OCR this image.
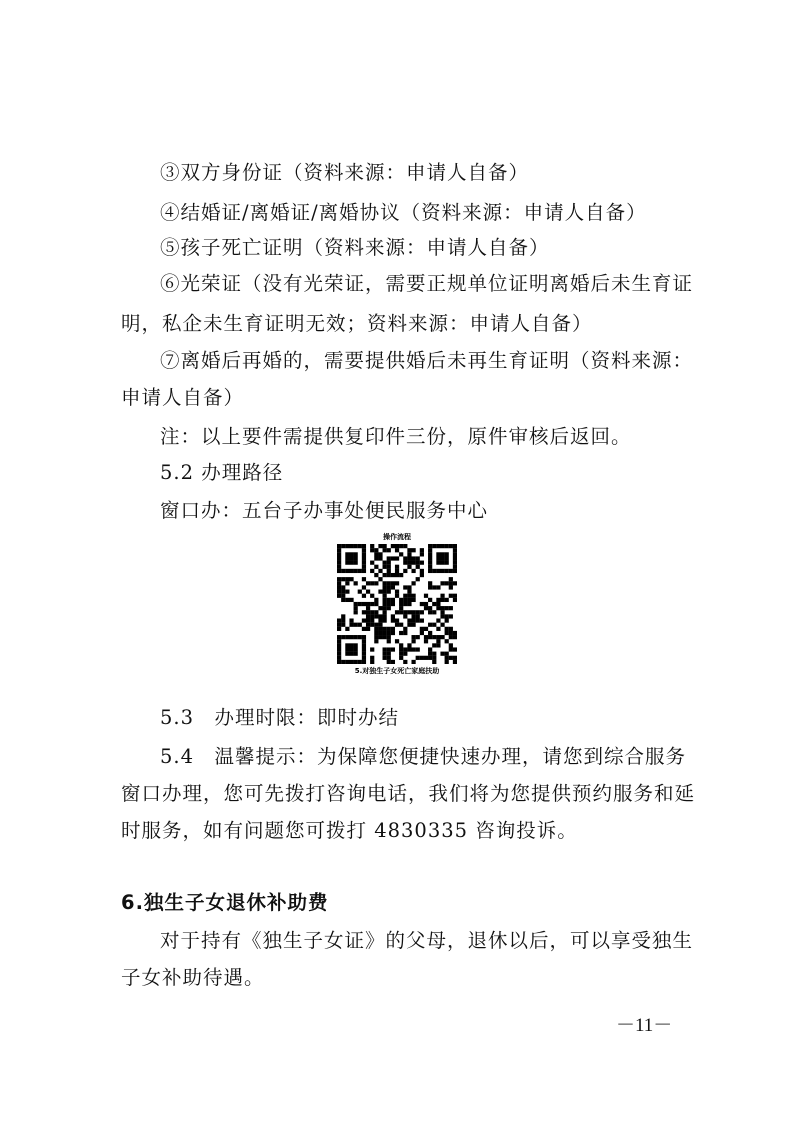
③双方身份证（资料来源：申请人自备）
④结婚证/离婚证/离婚协议（资料来源：申请人自备）
⑤孩子死亡证明（资料来源：申请人自备）
⑥光荣证（没有光荣证，需要正规单位证明离婚后未生育证
明，私企未生育证明无效；资料来源：申请人自备）
⑦离婚后再婚的，需要提供婚后未再生育证明（资料来源：
申请人自备）
注：以上要件需提供复印件三份，原件审核后返回。
5.2 办理路径
窗口办：五台子办事处便民服务中心
操作流程
5.对独生子女死亡家庭扶助
5.3　办理时限：即时办结
5.4　温馨提示：为保障您便捷快速办理，请您到综合服务
窗口办理，您可先拨打咨询电话，我们将为您提供预约服务和延
时服务，如有问题您可拨打 4830335 咨询投诉。
6.独生子女退休补助费
对于持有《独生子女证》的父母，退休以后，可以享受独生
子女补助待遇。
－11－
